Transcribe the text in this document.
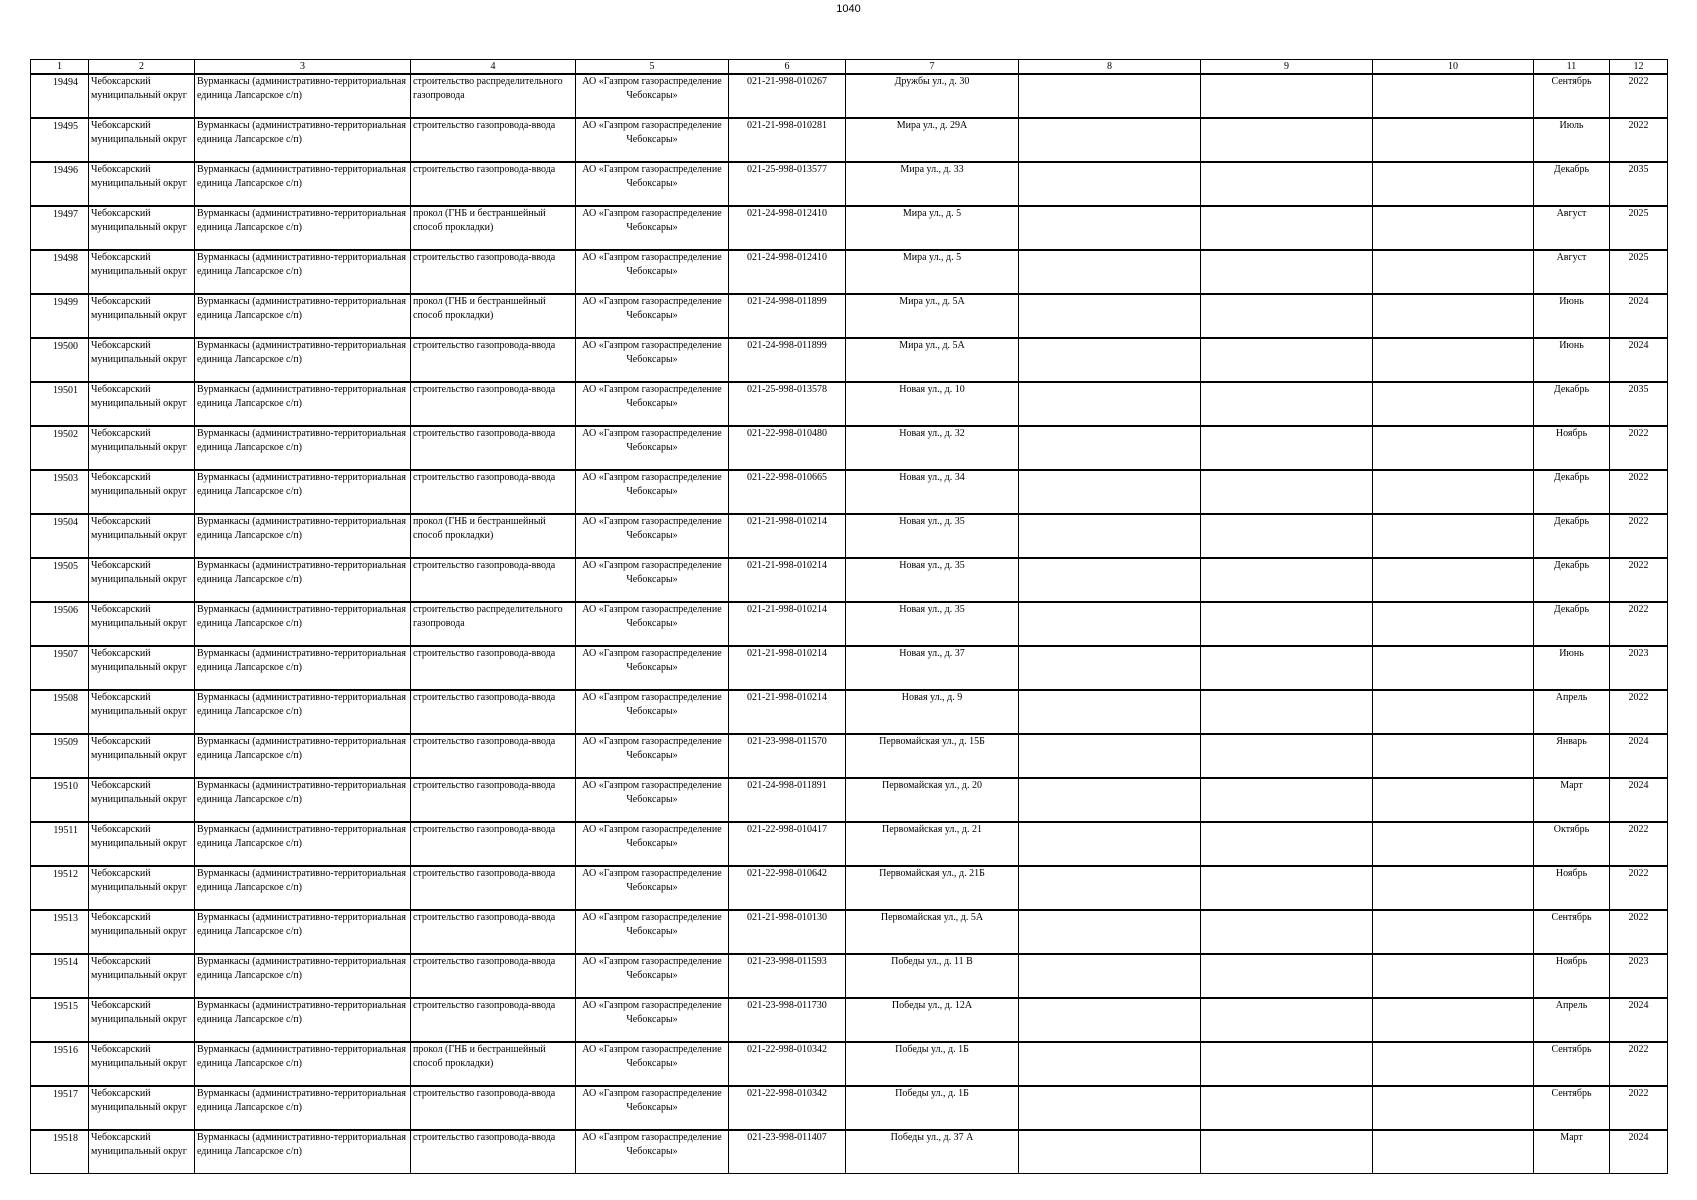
1040
1	2	3	4	5	6	7	8	9	10	11	12
19494	Чебоксарский муниципальный округ	Вурманкасы (административно-территориальная единица Лапсарское с/п)	строительство распределительного газопровода	АО «Газпром газораспределение Чебоксары»	021-21-998-010267	Дружбы ул., д. 30				Сентябрь	2022
19495	Чебоксарский муниципальный округ	Вурманкасы (административно-территориальная единица Лапсарское с/п)	строительство газопровода-ввода	АО «Газпром газораспределение Чебоксары»	021-21-998-010281	Мира ул., д. 29А				Июль	2022
19496	Чебоксарский муниципальный округ	Вурманкасы (административно-территориальная единица Лапсарское с/п)	строительство газопровода-ввода	АО «Газпром газораспределение Чебоксары»	021-25-998-013577	Мира ул., д. 33				Декабрь	2035
19497	Чебоксарский муниципальный округ	Вурманкасы (административно-территориальная единица Лапсарское с/п)	прокол (ГНБ и бестраншейный способ прокладки)	АО «Газпром газораспределение Чебоксары»	021-24-998-012410	Мира ул., д. 5				Август	2025
19498	Чебоксарский муниципальный округ	Вурманкасы (административно-территориальная единица Лапсарское с/п)	строительство газопровода-ввода	АО «Газпром газораспределение Чебоксары»	021-24-998-012410	Мира ул., д. 5				Август	2025
19499	Чебоксарский муниципальный округ	Вурманкасы (административно-территориальная единица Лапсарское с/п)	прокол (ГНБ и бестраншейный способ прокладки)	АО «Газпром газораспределение Чебоксары»	021-24-998-011899	Мира ул., д. 5А				Июнь	2024
19500	Чебоксарский муниципальный округ	Вурманкасы (административно-территориальная единица Лапсарское с/п)	строительство газопровода-ввода	АО «Газпром газораспределение Чебоксары»	021-24-998-011899	Мира ул., д. 5А				Июнь	2024
19501	Чебоксарский муниципальный округ	Вурманкасы (административно-территориальная единица Лапсарское с/п)	строительство газопровода-ввода	АО «Газпром газораспределение Чебоксары»	021-25-998-013578	Новая ул., д. 10				Декабрь	2035
19502	Чебоксарский муниципальный округ	Вурманкасы (административно-территориальная единица Лапсарское с/п)	строительство газопровода-ввода	АО «Газпром газораспределение Чебоксары»	021-22-998-010480	Новая ул., д. 32				Ноябрь	2022
19503	Чебоксарский муниципальный округ	Вурманкасы (административно-территориальная единица Лапсарское с/п)	строительство газопровода-ввода	АО «Газпром газораспределение Чебоксары»	021-22-998-010665	Новая ул., д. 34				Декабрь	2022
19504	Чебоксарский муниципальный округ	Вурманкасы (административно-территориальная единица Лапсарское с/п)	прокол (ГНБ и бестраншейный способ прокладки)	АО «Газпром газораспределение Чебоксары»	021-21-998-010214	Новая ул., д. 35				Декабрь	2022
19505	Чебоксарский муниципальный округ	Вурманкасы (административно-территориальная единица Лапсарское с/п)	строительство газопровода-ввода	АО «Газпром газораспределение Чебоксары»	021-21-998-010214	Новая ул., д. 35				Декабрь	2022
19506	Чебоксарский муниципальный округ	Вурманкасы (административно-территориальная единица Лапсарское с/п)	строительство распределительного газопровода	АО «Газпром газораспределение Чебоксары»	021-21-998-010214	Новая ул., д. 35				Декабрь	2022
19507	Чебоксарский муниципальный округ	Вурманкасы (административно-территориальная единица Лапсарское с/п)	строительство газопровода-ввода	АО «Газпром газораспределение Чебоксары»	021-21-998-010214	Новая ул., д. 37				Июнь	2023
19508	Чебоксарский муниципальный округ	Вурманкасы (административно-территориальная единица Лапсарское с/п)	строительство газопровода-ввода	АО «Газпром газораспределение Чебоксары»	021-21-998-010214	Новая ул., д. 9				Апрель	2022
19509	Чебоксарский муниципальный округ	Вурманкасы (административно-территориальная единица Лапсарское с/п)	строительство газопровода-ввода	АО «Газпром газораспределение Чебоксары»	021-23-998-011570	Первомайская ул., д. 15Б				Январь	2024
19510	Чебоксарский муниципальный округ	Вурманкасы (административно-территориальная единица Лапсарское с/п)	строительство газопровода-ввода	АО «Газпром газораспределение Чебоксары»	021-24-998-011891	Первомайская ул., д. 20				Март	2024
19511	Чебоксарский муниципальный округ	Вурманкасы (административно-территориальная единица Лапсарское с/п)	строительство газопровода-ввода	АО «Газпром газораспределение Чебоксары»	021-22-998-010417	Первомайская ул., д. 21				Октябрь	2022
19512	Чебоксарский муниципальный округ	Вурманкасы (административно-территориальная единица Лапсарское с/п)	строительство газопровода-ввода	АО «Газпром газораспределение Чебоксары»	021-22-998-010642	Первомайская ул., д. 21Б				Ноябрь	2022
19513	Чебоксарский муниципальный округ	Вурманкасы (административно-территориальная единица Лапсарское с/п)	строительство газопровода-ввода	АО «Газпром газораспределение Чебоксары»	021-21-998-010130	Первомайская ул., д. 5А				Сентябрь	2022
19514	Чебоксарский муниципальный округ	Вурманкасы (административно-территориальная единица Лапсарское с/п)	строительство газопровода-ввода	АО «Газпром газораспределение Чебоксары»	021-23-998-011593	Победы ул., д. 11 В				Ноябрь	2023
19515	Чебоксарский муниципальный округ	Вурманкасы (административно-территориальная единица Лапсарское с/п)	строительство газопровода-ввода	АО «Газпром газораспределение Чебоксары»	021-23-998-011730	Победы ул., д. 12А				Апрель	2024
19516	Чебоксарский муниципальный округ	Вурманкасы (административно-территориальная единица Лапсарское с/п)	прокол (ГНБ и бестраншейный способ прокладки)	АО «Газпром газораспределение Чебоксары»	021-22-998-010342	Победы ул., д. 1Б				Сентябрь	2022
19517	Чебоксарский муниципальный округ	Вурманкасы (административно-территориальная единица Лапсарское с/п)	строительство газопровода-ввода	АО «Газпром газораспределение Чебоксары»	021-22-998-010342	Победы ул., д. 1Б				Сентябрь	2022
19518	Чебоксарский муниципальный округ	Вурманкасы (административно-территориальная единица Лапсарское с/п)	строительство газопровода-ввода	АО «Газпром газораспределение Чебоксары»	021-23-998-011407	Победы ул., д. 37 А				Март	2024
